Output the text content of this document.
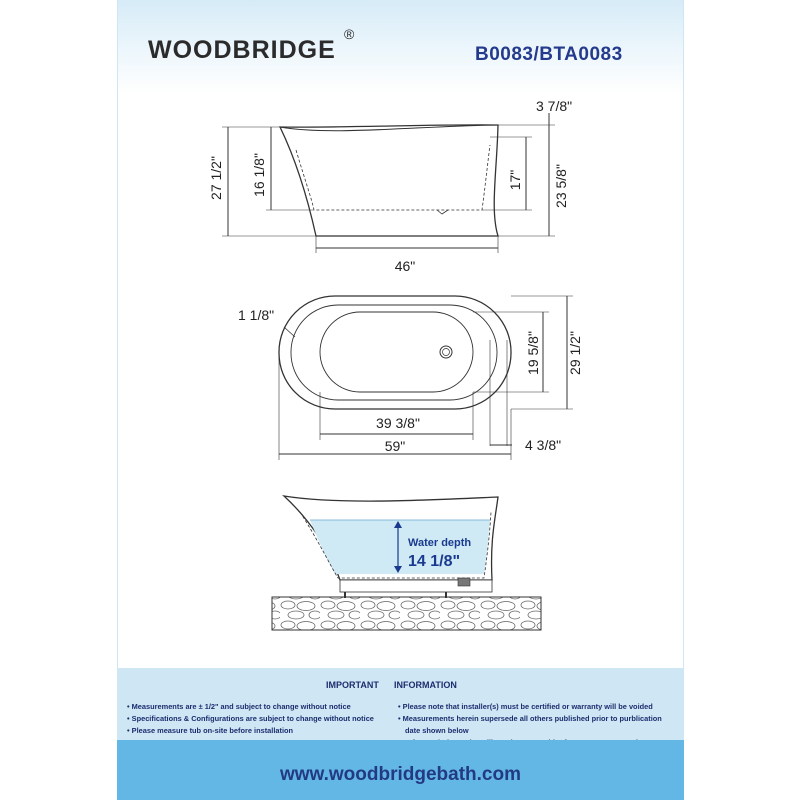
WOODBRIDGE
®
B0083/BTA0083
3 7/8"
27 1/2" 16 1/8"	17" 23 5/8"
46"
1 1/8"
19 5/8" 29 1/2"
39 3/8"
4 3/8"
59"
Water depth
14 1/8"
IMPORTANT INFORMATION
• Measurements are ± 1/2" and subject to change without notice
• Specifications & Configurations are subject to change without notice
• Please measure tub on-site before installation
• Please note that installer(s) must be certified or warranty will be voided
• Measurements herein supersede all others published prior to purblication
date shown below
www.woodbridgebath.com
